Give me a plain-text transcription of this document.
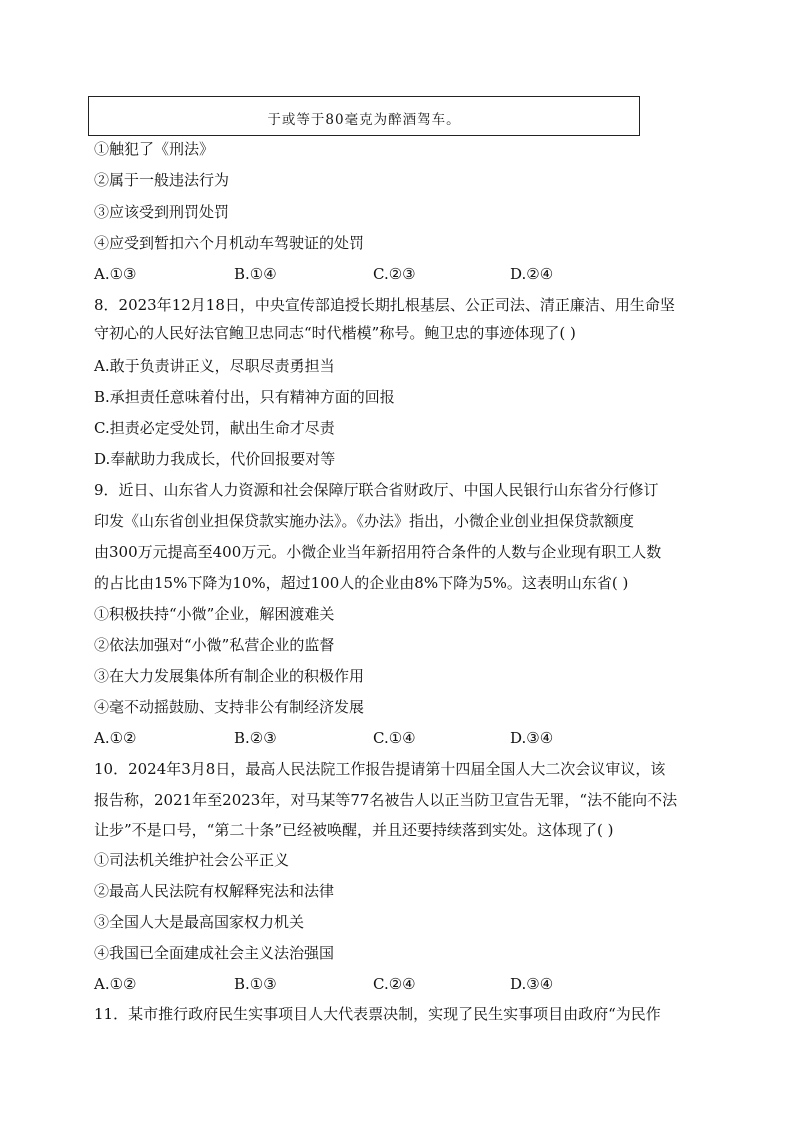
于或等于80毫克为醉酒驾车。
①触犯了《刑法》
②属于一般违法行为
③应该受到刑罚处罚
④应受到暂扣六个月机动车驾驶证的处罚
A.①③	B.①④	C.②③	D.②④
8．2023年12月18日，中央宣传部追授长期扎根基层、公正司法、清正廉洁、用生命坚
守初心的人民好法官鲍卫忠同志“时代楷模”称号。鲍卫忠的事迹体现了( )
A.敢于负责讲正义，尽职尽责勇担当
B.承担责任意味着付出，只有精神方面的回报
C.担责必定受处罚，献出生命才尽责
D.奉献助力我成长，代价回报要对等
9．近日、山东省人力资源和社会保障厅联合省财政厅、中国人民银行山东省分行修订
印发《山东省创业担保贷款实施办法》。《办法》指出，小微企业创业担保贷款额度
由300万元提高至400万元。小微企业当年新招用符合条件的人数与企业现有职工人数
的占比由15%下降为10%，超过100人的企业由8%下降为5%。这表明山东省( )
①积极扶持“小微”企业，解困渡难关
②依法加强对“小微”私营企业的监督
③在大力发展集体所有制企业的积极作用
④毫不动摇鼓励、支持非公有制经济发展
A.①②	B.②③	C.①④	D.③④
10．2024年3月8日，最高人民法院工作报告提请第十四届全国人大二次会议审议，该
报告称，2021年至2023年，对马某等77名被告人以正当防卫宣告无罪，“法不能向不法
让步”不是口号，“第二十条”已经被唤醒，并且还要持续落到实处。这体现了( )
①司法机关维护社会公平正义
②最高人民法院有权解释宪法和法律
③全国人大是最高国家权力机关
④我国已全面建成社会主义法治强国
A.①②	B.①③	C.②④	D.③④
11．某市推行政府民生实事项目人大代表票决制，实现了民生实事项目由政府“为民作
